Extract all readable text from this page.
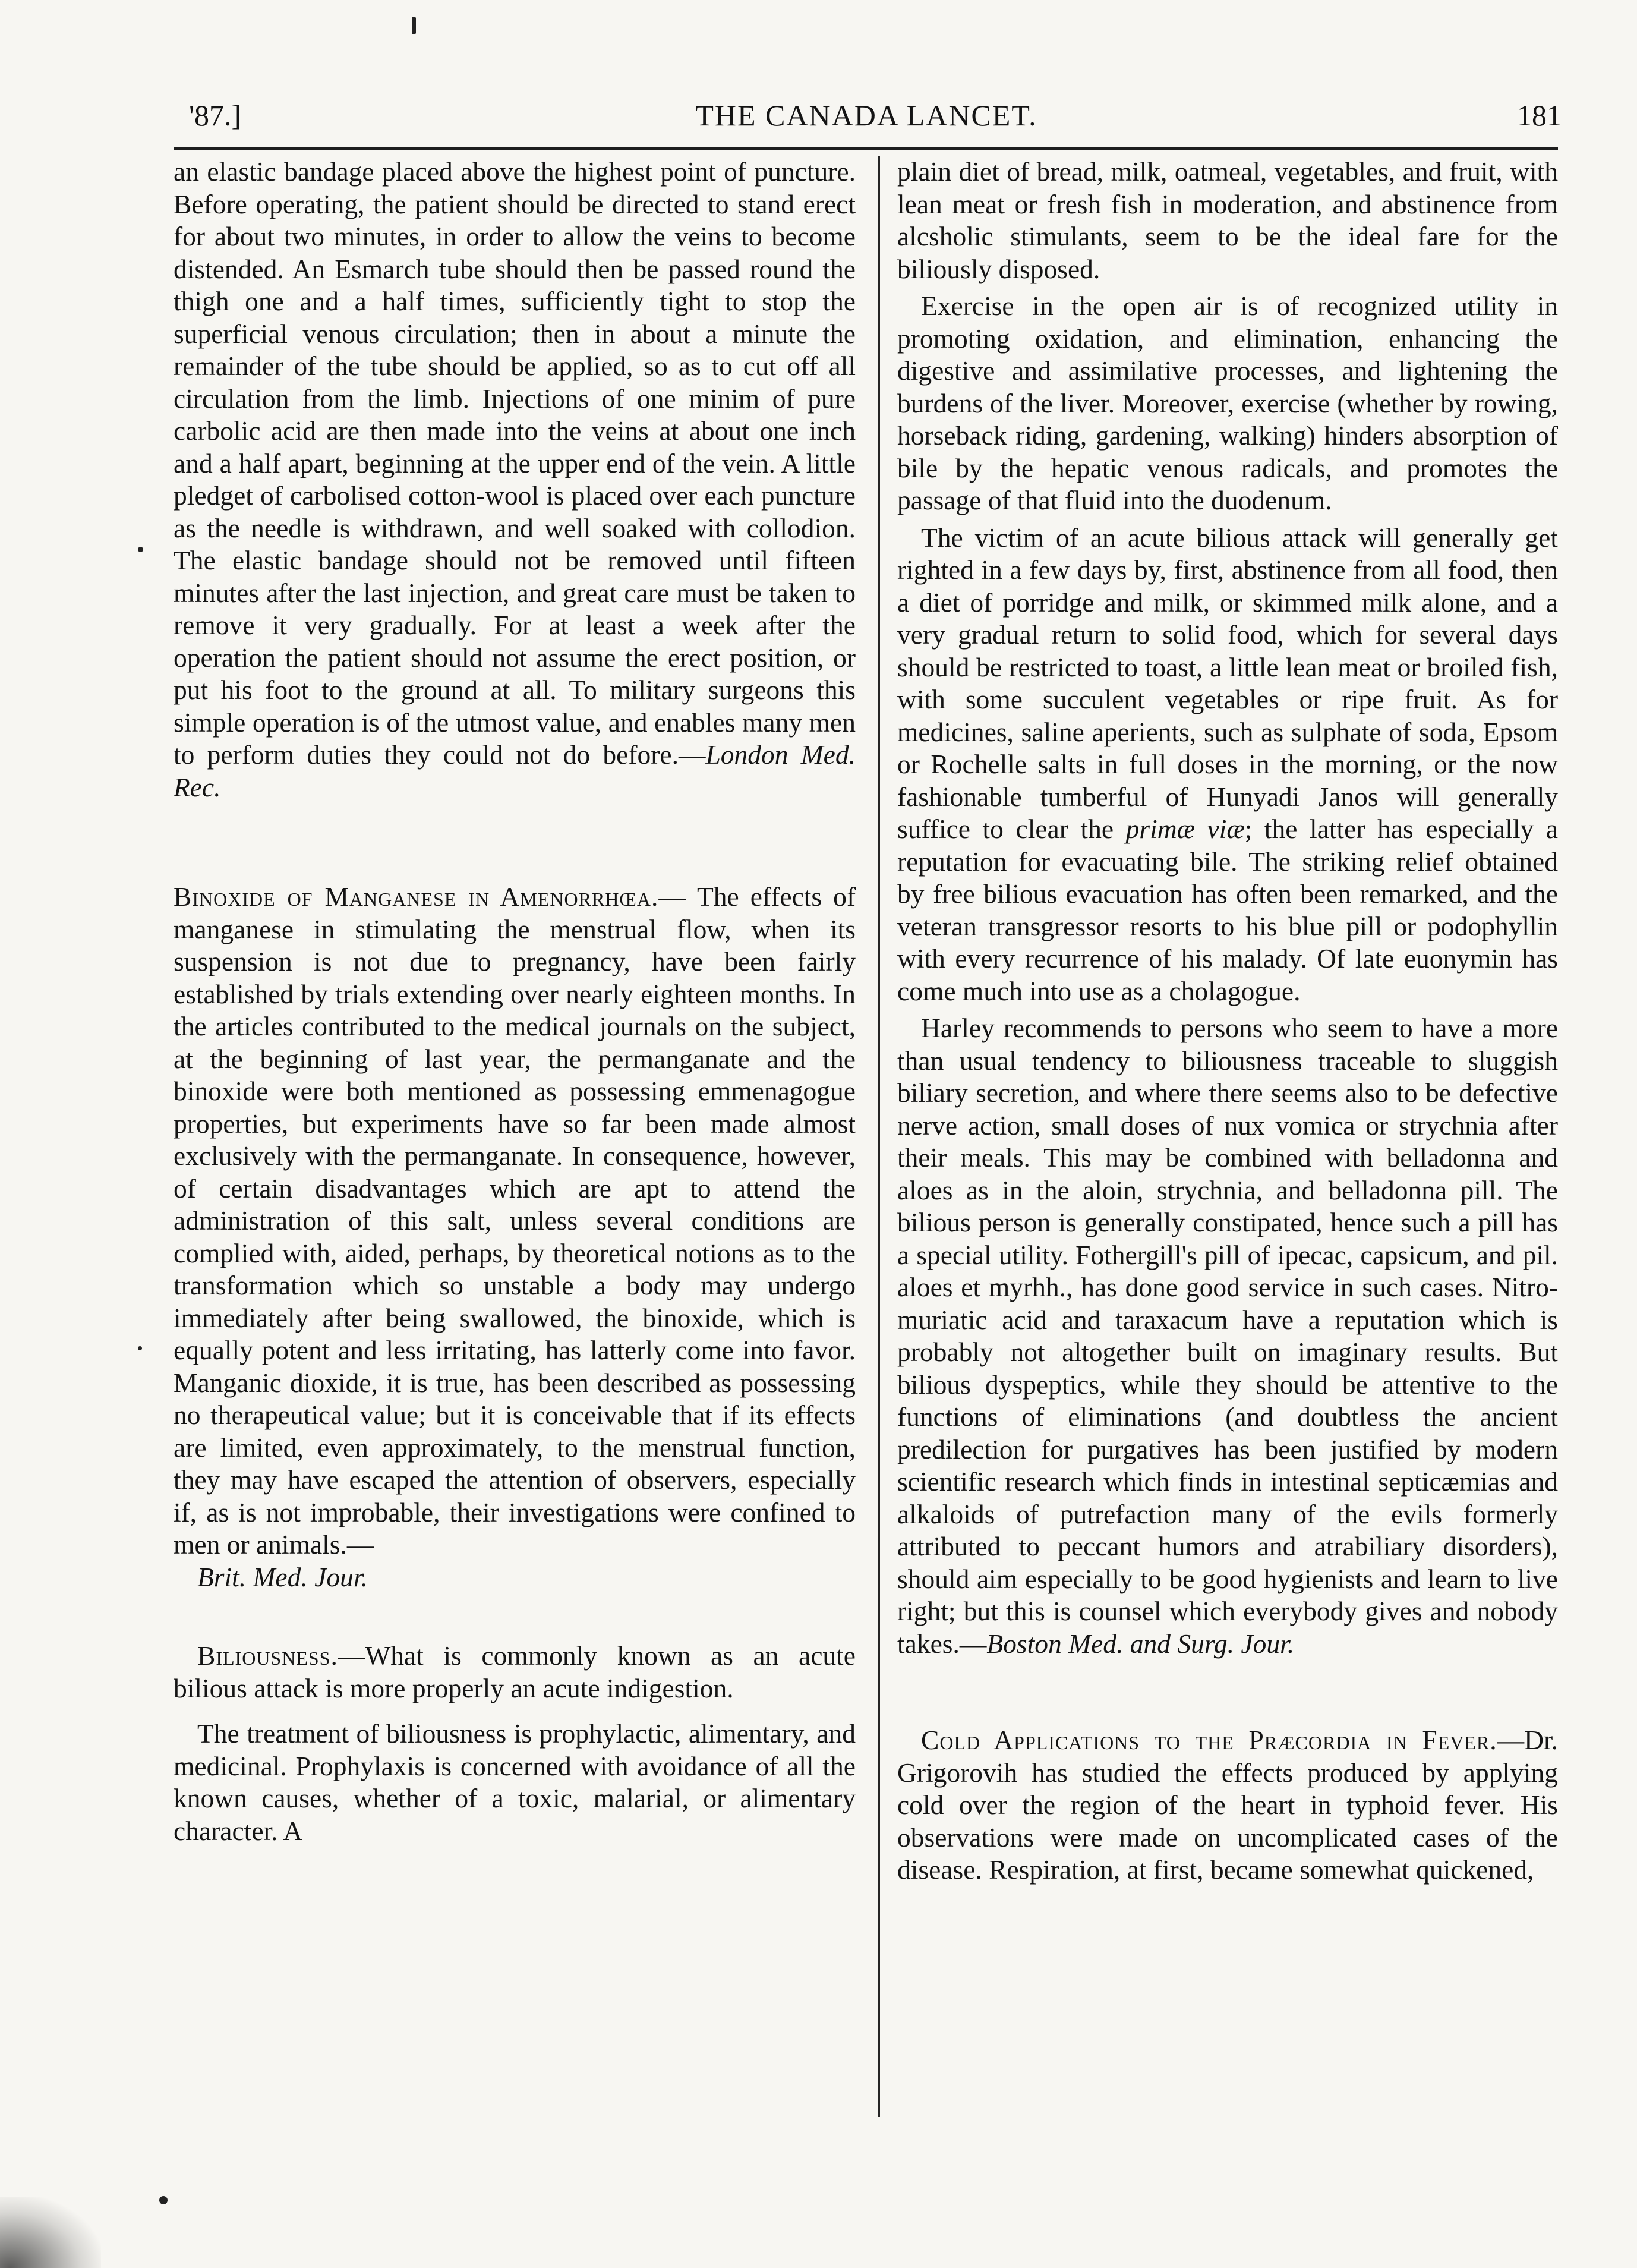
'87.]	THE CANADA LANCET.	181

an elastic bandage placed above the highest point of puncture. Before operating, the patient should be directed to stand erect for about two minutes, in order to allow the veins to become distended. An Esmarch tube should then be passed round the thigh one and a half times, sufficiently tight to stop the superficial venous circulation; then in about a minute the remainder of the tube should be applied, so as to cut off all circulation from the limb. Injections of one minim of pure carbolic acid are then made into the veins at about one inch and a half apart, beginning at the upper end of the vein. A little pledget of carbolised cotton-wool is placed over each puncture as the needle is withdrawn, and well soaked with collodion. The elastic bandage should not be removed until fifteen minutes after the last injection, and great care must be taken to remove it very gradually. For at least a week after the operation the patient should not assume the erect position, or put his foot to the ground at all. To military surgeons this simple operation is of the utmost value, and enables many men to perform duties they could not do before.—London Med. Rec.

Binoxide of Manganese in Amenorrhœa.— The effects of manganese in stimulating the menstrual flow, when its suspension is not due to pregnancy, have been fairly established by trials extending over nearly eighteen months. In the articles contributed to the medical journals on the subject, at the beginning of last year, the permanganate and the binoxide were both mentioned as possessing emmenagogue properties, but experiments have so far been made almost exclusively with the permanganate. In consequence, however, of certain disadvantages which are apt to attend the administration of this salt, unless several conditions are complied with, aided, perhaps, by theoretical notions as to the transformation which so unstable a body may undergo immediately after being swallowed, the binoxide, which is equally potent and less irritating, has latterly come into favor. Manganic dioxide, it is true, has been described as possessing no therapeutical value; but it is conceivable that if its effects are limited, even approximately, to the menstrual function, they may have escaped the attention of observers, especially if, as is not improbable, their investigations were confined to men or animals.—
Brit. Med. Jour.

Biliousness.—What is commonly known as an acute bilious attack is more properly an acute indigestion.

The treatment of biliousness is prophylactic, alimentary, and medicinal. Prophylaxis is concerned with avoidance of all the known causes, whether of a toxic, malarial, or alimentary character. A

plain diet of bread, milk, oatmeal, vegetables, and fruit, with lean meat or fresh fish in moderation, and abstinence from alcsholic stimulants, seem to be the ideal fare for the biliously disposed.

Exercise in the open air is of recognized utility in promoting oxidation, and elimination, enhancing the digestive and assimilative processes, and lightening the burdens of the liver. Moreover, exercise (whether by rowing, horseback riding, gardening, walking) hinders absorption of bile by the hepatic venous radicals, and promotes the passage of that fluid into the duodenum.

The victim of an acute bilious attack will generally get righted in a few days by, first, abstinence from all food, then a diet of porridge and milk, or skimmed milk alone, and a very gradual return to solid food, which for several days should be restricted to toast, a little lean meat or broiled fish, with some succulent vegetables or ripe fruit. As for medicines, saline aperients, such as sulphate of soda, Epsom or Rochelle salts in full doses in the morning, or the now fashionable tumberful of Hunyadi Janos will generally suffice to clear the primæ viæ; the latter has especially a reputation for evacuating bile. The striking relief obtained by free bilious evacuation has often been remarked, and the veteran transgressor resorts to his blue pill or podophyllin with every recurrence of his malady. Of late euonymin has come much into use as a cholagogue.

Harley recommends to persons who seem to have a more than usual tendency to biliousness traceable to sluggish biliary secretion, and where there seems also to be defective nerve action, small doses of nux vomica or strychnia after their meals. This may be combined with belladonna and aloes as in the aloin, strychnia, and belladonna pill. The bilious person is generally constipated, hence such a pill has a special utility. Fothergill's pill of ipecac, capsicum, and pil. aloes et myrhh., has done good service in such cases. Nitro-muriatic acid and taraxacum have a reputation which is probably not altogether built on imaginary results. But bilious dyspeptics, while they should be attentive to the functions of eliminations (and doubtless the ancient predilection for purgatives has been justified by modern scientific research which finds in intestinal septicæmias and alkaloids of putrefaction many of the evils formerly attributed to peccant humors and atrabiliary disorders), should aim especially to be good hygienists and learn to live right; but this is counsel which everybody gives and nobody takes.—Boston Med. and Surg. Jour.

Cold Applications to the Præcordia in Fever.—Dr. Grigorovih has studied the effects produced by applying cold over the region of the heart in typhoid fever. His observations were made on uncomplicated cases of the disease. Respiration, at first, became somewhat quickened,
